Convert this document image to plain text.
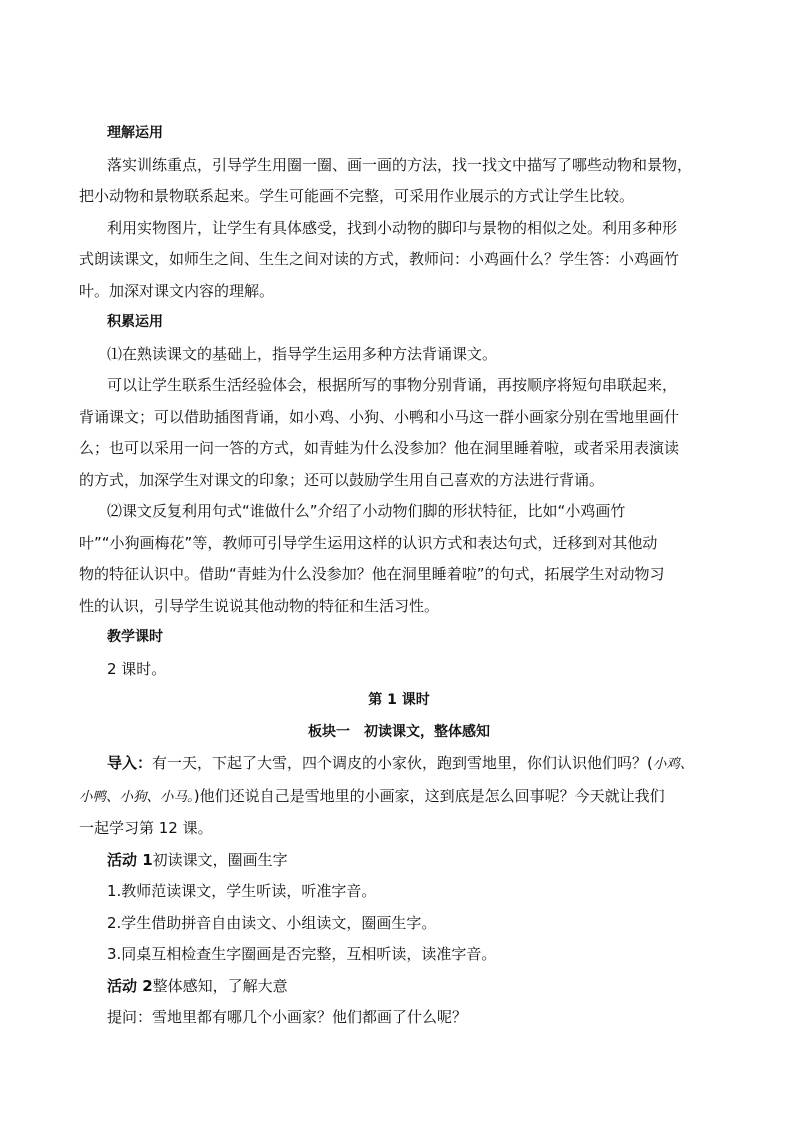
理解运用

落实训练重点，引导学生用圈一圈、画一画的方法，找一找文中描写了哪些动物和景物，

把小动物和景物联系起来。学生可能画不完整，可采用作业展示的方式让学生比较。

利用实物图片，让学生有具体感受，找到小动物的脚印与景物的相似之处。利用多种形

式朗读课文，如师生之间、生生之间对读的方式，教师问：小鸡画什么？学生答：小鸡画竹

叶。加深对课文内容的理解。

积累运用

⑴在熟读课文的基础上，指导学生运用多种方法背诵课文。

可以让学生联系生活经验体会，根据所写的事物分别背诵，再按顺序将短句串联起来，

背诵课文；可以借助插图背诵，如小鸡、小狗、小鸭和小马这一群小画家分别在雪地里画什

么；也可以采用一问一答的方式，如青蛙为什么没参加？他在洞里睡着啦，或者采用表演读

的方式，加深学生对课文的印象；还可以鼓励学生用自己喜欢的方法进行背诵。

⑵课文反复利用句式“谁做什么”介绍了小动物们脚的形状特征，比如“小鸡画竹

叶”“小狗画梅花”等，教师可引导学生运用这样的认识方式和表达句式，迁移到对其他动

物的特征认识中。借助“青蛙为什么没参加？他在洞里睡着啦”的句式，拓展学生对动物习

性的认识，引导学生说说其他动物的特征和生活习性。

教学课时

2 课时。

第 1 课时

板块一　初读课文，整体感知

导入：有一天，下起了大雪，四个调皮的小家伙，跑到雪地里，你们认识他们吗？(小鸡、

小鸭、小狗、小马。)他们还说自己是雪地里的小画家，这到底是怎么回事呢？今天就让我们

一起学习第 12 课。

活动 1初读课文，圈画生字

1.教师范读课文，学生听读，听准字音。

2.学生借助拼音自由读文、小组读文，圈画生字。

3.同桌互相检查生字圈画是否完整，互相听读，读准字音。

活动 2整体感知，了解大意

提问：雪地里都有哪几个小画家？他们都画了什么呢？
